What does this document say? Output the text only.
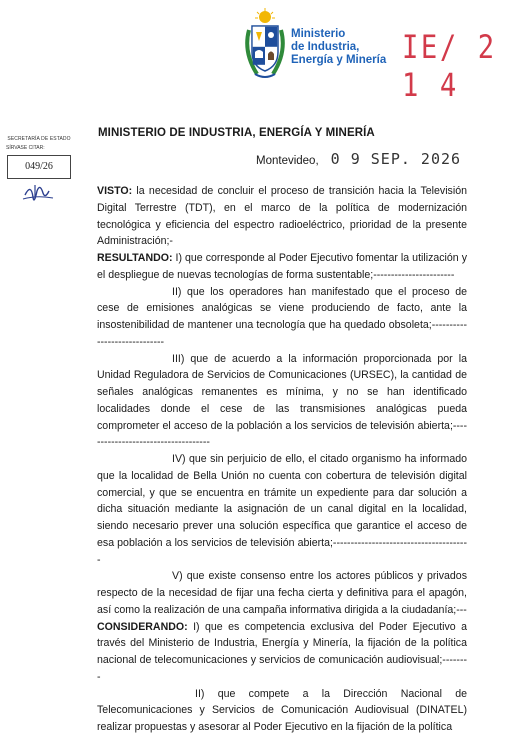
Ministerio
de Industria,
Energía y Minería IE/ 2 1 4
SECRETARÍA DE ESTADO
SÍRVASE CITAR:
049/26
MINISTERIO DE INDUSTRIA, ENERGÍA Y MINERÍA
Montevideo, 0 9 SEP. 2026

VISTO: la necesidad de concluir el proceso de transición hacia la Televisión Digital Terrestre (TDT), en el marco de la política de modernización tecnológica y eficiencia del espectro radioeléctrico, prioridad de la presente Administración;-

RESULTANDO: I) que corresponde al Poder Ejecutivo fomentar la utilización y el despliegue de nuevas tecnologías de forma sustentable;-----------------------

II) que los operadores han manifestado que el proceso de cese de emisiones analógicas se viene produciendo de facto, ante la insostenibilidad de mantener una tecnología que ha quedado obsoleta;-----------------------------

III) que de acuerdo a la información proporcionada por la Unidad Reguladora de Servicios de Comunicaciones (URSEC), la cantidad de señales analógicas remanentes es mínima, y no se han identificado localidades donde el cese de las transmisiones analógicas pueda comprometer el acceso de la población a los servicios de televisión abierta;------------------------------------

IV) que sin perjuicio de ello, el citado organismo ha informado que la localidad de Bella Unión no cuenta con cobertura de televisión digital comercial, y que se encuentra en trámite un expediente para dar solución a dicha situación mediante la asignación de un canal digital en la localidad, siendo necesario prever una solución específica que garantice el acceso de esa población a los servicios de televisión abierta;---------------------------------------

V) que existe consenso entre los actores públicos y privados respecto de la necesidad de fijar una fecha cierta y definitiva para el apagón, así como la realización de una campaña informativa dirigida a la ciudadanía;---

CONSIDERANDO: I) que es competencia exclusiva del Poder Ejecutivo a través del Ministerio de Industria, Energía y Minería, la fijación de la política nacional de telecomunicaciones y servicios de comunicación audiovisual;--------

II) que compete a la Dirección Nacional de Telecomunicaciones y Servicios de Comunicación Audiovisual (DINATEL) realizar propuestas y asesorar al Poder Ejecutivo en la fijación de la política
